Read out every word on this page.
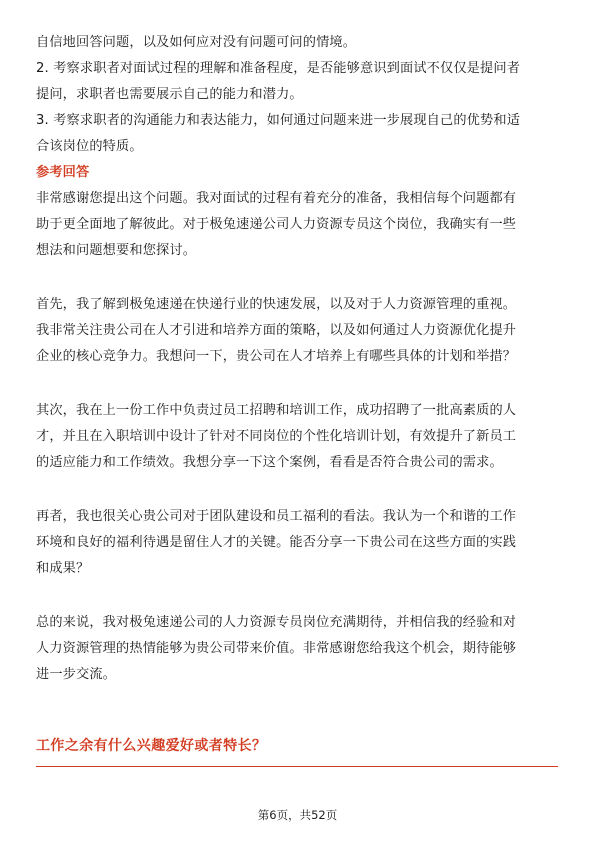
自信地回答问题，以及如何应对没有问题可问的情境。
2. 考察求职者对面试过程的理解和准备程度，是否能够意识到面试不仅仅是提问者
提问，求职者也需要展示自己的能力和潜力。
3. 考察求职者的沟通能力和表达能力，如何通过问题来进一步展现自己的优势和适
合该岗位的特质。
参考回答
非常感谢您提出这个问题。我对面试的过程有着充分的准备，我相信每个问题都有
助于更全面地了解彼此。对于极兔速递公司人力资源专员这个岗位，我确实有一些
想法和问题想要和您探讨。
首先，我了解到极兔速递在快递行业的快速发展，以及对于人力资源管理的重视。
我非常关注贵公司在人才引进和培养方面的策略，以及如何通过人力资源优化提升
企业的核心竞争力。我想问一下，贵公司在人才培养上有哪些具体的计划和举措？
其次，我在上一份工作中负责过员工招聘和培训工作，成功招聘了一批高素质的人
才，并且在入职培训中设计了针对不同岗位的个性化培训计划，有效提升了新员工
的适应能力和工作绩效。我想分享一下这个案例，看看是否符合贵公司的需求。
再者，我也很关心贵公司对于团队建设和员工福利的看法。我认为一个和谐的工作
环境和良好的福利待遇是留住人才的关键。能否分享一下贵公司在这些方面的实践
和成果？
总的来说，我对极兔速递公司的人力资源专员岗位充满期待，并相信我的经验和对
人力资源管理的热情能够为贵公司带来价值。非常感谢您给我这个机会，期待能够
进一步交流。
工作之余有什么兴趣爱好或者特长？
第6页，共52页
